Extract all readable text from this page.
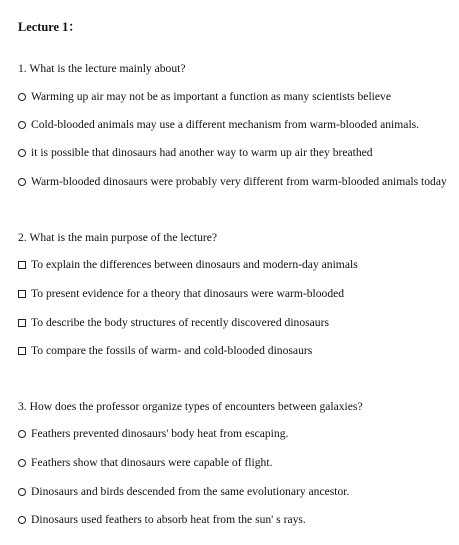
Lecture 1：
1. What is the lecture mainly about?
Warming up air may not be as important a function as many scientists believe
Cold-blooded animals may use a different mechanism from warm-blooded animals.
it is possible that dinosaurs had another way to warm up air they breathed
Warm-blooded dinosaurs were probably very different from warm-blooded animals today
2. What is the main purpose of the lecture?
To explain the differences between dinosaurs and modern-day animals
To present evidence for a theory that dinosaurs were warm-blooded
To describe the body structures of recently discovered dinosaurs
To compare the fossils of warm- and cold-blooded dinosaurs
3. How does the professor organize types of encounters between galaxies?
Feathers prevented dinosaurs' body heat from escaping.
Feathers show that dinosaurs were capable of flight.
Dinosaurs and birds descended from the same evolutionary ancestor.
Dinosaurs used feathers to absorb heat from the sun' s rays.
